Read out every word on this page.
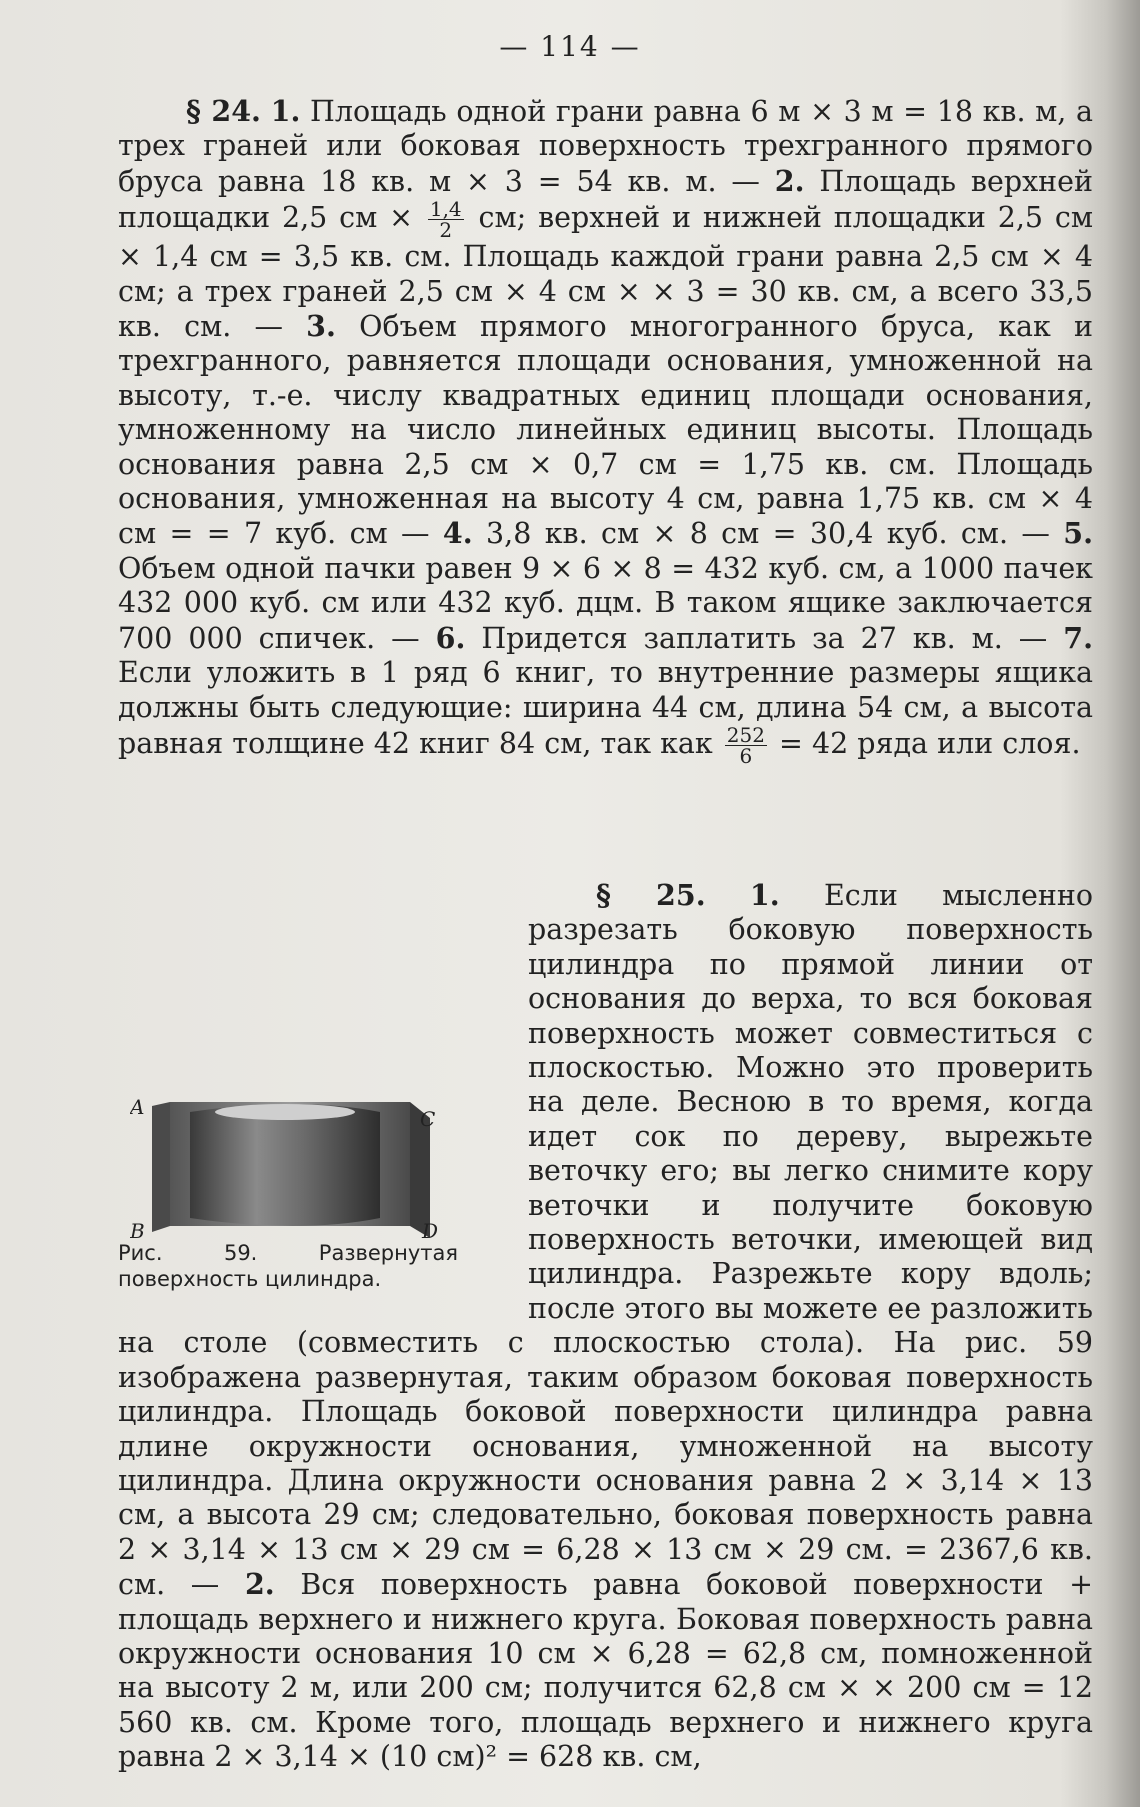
— 114 —

§ 24. 1. Площадь одной грани равна 6 м × 3 м = 18 кв. м, а трех граней или боковая поверхность трехгранного прямого бруса равна 18 кв. м × 3 = 54 кв. м. — 2. Площадь верхней площадки 2,5 см × $\frac{1,4}{2}$ см; верхней и нижней площадки 2,5 см × 1,4 см = 3,5 кв. см. Площадь каждой грани равна 2,5 см × 4 см; а трех граней 2,5 см × 4 см × × 3 = 30 кв. см, а всего 33,5 кв. см. — 3. Объем прямого многогранного бруса, как и трехгранного, равняется площади основания, умноженной на высоту, т.-е. числу квадратных единиц площади основания, умноженному на число линейных единиц высоты. Площадь основания равна 2,5 см × 0,7 см = 1,75 кв. см. Площадь основания, умноженная на высоту 4 см, равна 1,75 кв. см × 4 см = = 7 куб. см — 4. 3,8 кв. см × 8 см = 30,4 куб. см. — 5. Объем одной пачки равен 9 × 6 × 8 = 432 куб. см, а 1000 пачек 432 000 куб. см или 432 куб. дцм. В таком ящике заключается 700 000 спичек. — 6. Придется заплатить за 27 кв. м. — 7. Если уложить в 1 ряд 6 книг, то внутренние размеры ящика должны быть следующие: ширина 44 см, длина 54 см, а высота равная толщине 42 книг 84 см, так как $\frac{252}{6} = 42$ ряда или слоя.

§ 25. 1.
A
B
C
D
Рис. 59. Развернутая поверхность цилиндра.
Если мысленно разрезать боковую поверхность цилиндра по прямой линии от основания до верха, то вся боковая поверхность может совместиться с плоскостью. Можно это проверить на деле. Весною в то время, когда идет сок по дереву, вырежьте веточку его; вы легко снимите кору веточки и получите боковую поверхность веточки, имеющей вид цилиндра. Разрежьте кору вдоль; после этого вы можете ее разложить на столе (совместить с плоскостью стола). На рис. 59 изображена развернутая, таким образом боковая поверхность цилиндра. Площадь боковой поверхности цилиндра равна длине окружности основания, умноженной на высоту цилиндра. Длина окружности основания равна 2 × 3,14 × 13 см, а высота 29 см; следовательно, боковая поверхность равна 2 × 3,14 × 13 см × 29 см = 6,28 × 13 см × 29 см. = 2367,6 кв. см. — 2. Вся поверхность равна боковой поверхности + площадь верхнего и нижнего круга. Боковая поверхность равна окружности основания 10 см × 6,28 = 62,8 см, помноженной на высоту 2 м, или 200 см; получится 62,8 см × × 200 см = 12 560 кв. см. Кроме того, площадь верхнего и нижнего круга равна 2 × 3,14 × (10 см)² = 628 кв. см,
